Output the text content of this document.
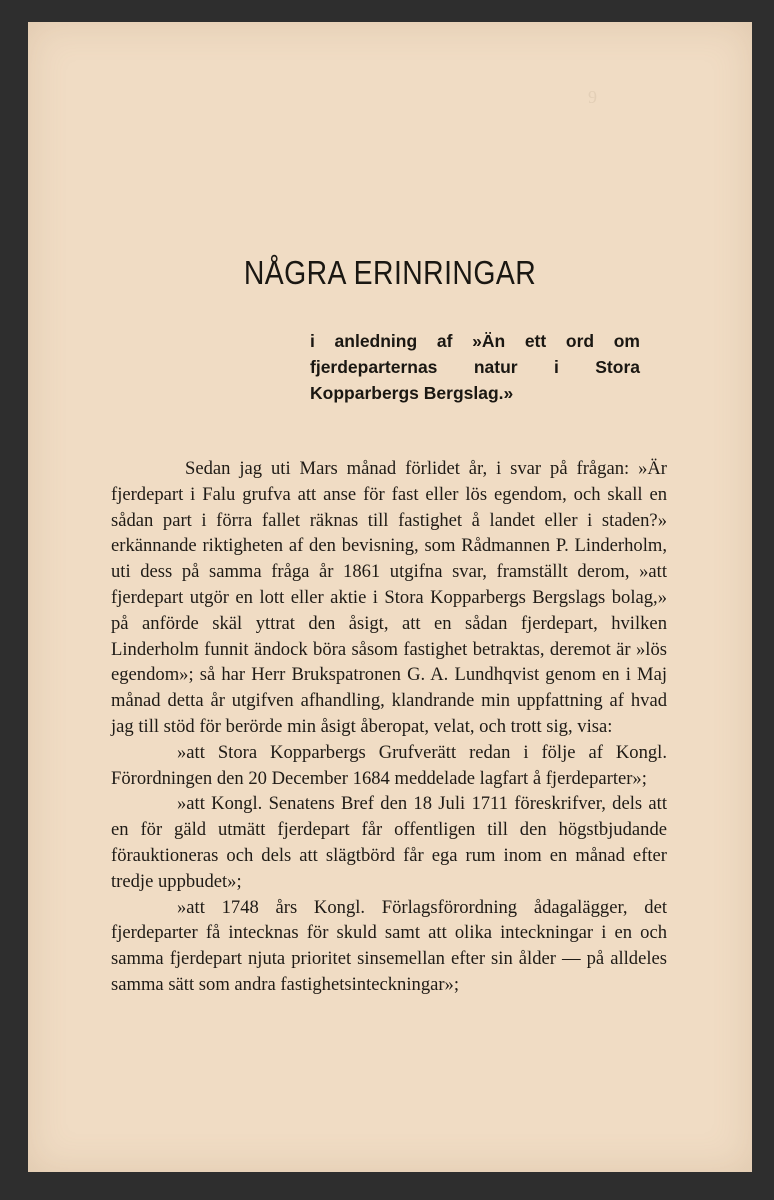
9
NÅGRA ERINRINGAR
i anledning af »Än ett ord om fjerdeparternas natur i Stora Kopparbergs Bergslag.»

Sedan jag uti Mars månad förlidet år, i svar på frågan: »Är fjerdepart i Falu grufva att anse för fast eller lös egendom, och skall en sådan part i förra fallet räknas till fastighet å landet eller i staden?» erkännande riktigheten af den bevisning, som Rådmannen P. Linderholm, uti dess på samma fråga år 1861 utgifna svar, framställt derom, »att fjerdepart utgör en lott eller aktie i Stora Kopparbergs Bergslags bolag,» på anförde skäl yttrat den åsigt, att en sådan fjerdepart, hvilken Linderholm funnit ändock böra såsom fastighet betraktas, deremot är »lös egendom»; så har Herr Brukspatronen G. A. Lundhqvist genom en i Maj månad detta år utgifven afhandling, klandrande min uppfattning af hvad jag till stöd för berörde min åsigt åberopat, velat, och trott sig, visa:

»att Stora Kopparbergs Grufverätt redan i följe af Kongl. Förordningen den 20 December 1684 meddelade lagfart å fjerdeparter»;

»att Kongl. Senatens Bref den 18 Juli 1711 föreskrifver, dels att en för gäld utmätt fjerdepart får offentligen till den högstbjudande förauktioneras och dels att slägtbörd får ega rum inom en månad efter tredje uppbudet»;

»att 1748 års Kongl. Förlagsförordning ådagalägger, det fjerdeparter få intecknas för skuld samt att olika inteckningar i en och samma fjerdepart njuta prioritet sinsemellan efter sin ålder — på alldeles samma sätt som andra fastighetsinteckningar»;
